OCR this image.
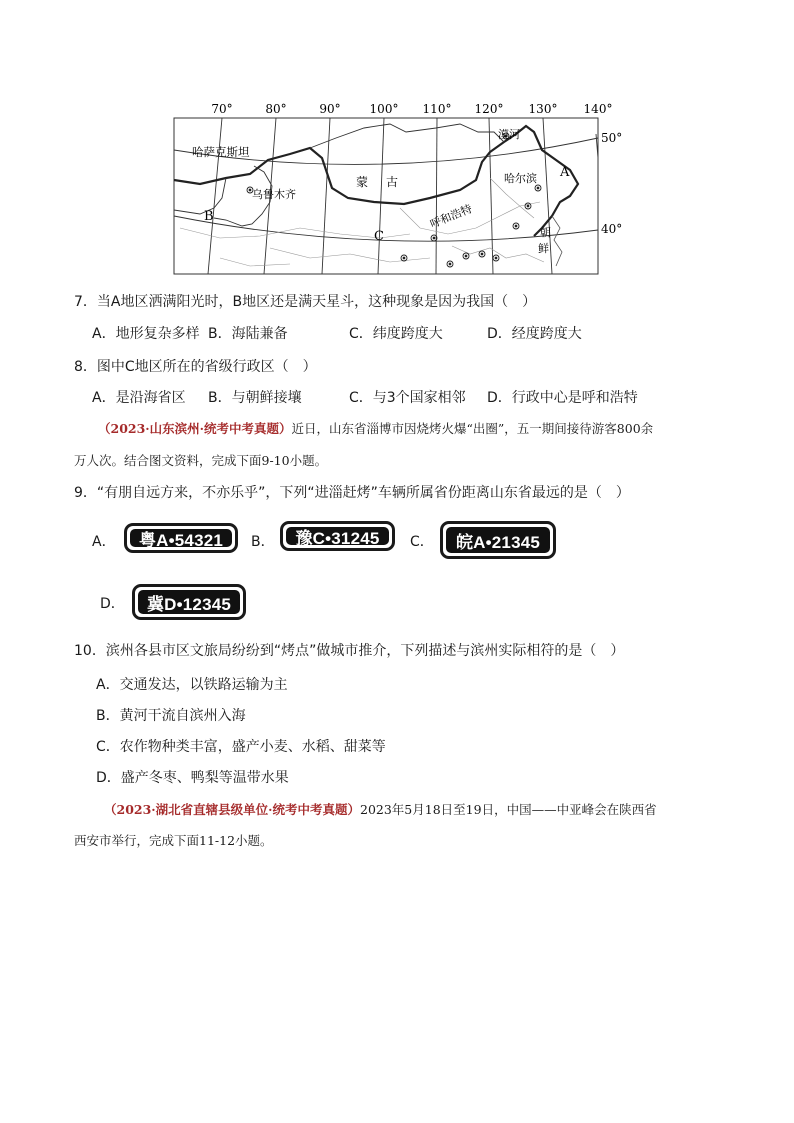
70°	80°	90° 100° 110° 120° 130° 140°
50°
40°
哈萨克斯坦
蒙 古
乌鲁木齐
呼和浩特
哈尔滨
漠河
朝
鲜
A
B
C
7．当A地区洒满阳光时，B地区还是满天星斗，这种现象是因为我国（　）
A．地形复杂多样 B．海陆兼备	C．纬度跨度大	D．经度跨度大
8．图中C地区所在的省级行政区（　）
A．是沿海省区 B．与朝鲜接壤	C．与3个国家相邻 D．行政中心是呼和浩特
（2023·山东滨州·统考中考真题）近日，山东省淄博市因烧烤火爆“出圈”，五一期间接待游客800余
万人次。结合图文资料，完成下面9-10小题。
9．“有朋自远方来，不亦乐乎”，下列“进淄赶烤”车辆所属省份距离山东省最远的是（　）
A．	粤A•54321	B．	豫C•31245	C．	皖A•21345
D．	冀D•12345
10．滨州各县市区文旅局纷纷到“烤点”做城市推介，下列描述与滨州实际相符的是（　）
A．交通发达，以铁路运输为主
B．黄河干流自滨州入海
C．农作物种类丰富，盛产小麦、水稻、甜菜等
D．盛产冬枣、鸭梨等温带水果
（2023·湖北省直辖县级单位·统考中考真题）2023年5月18日至19日，中国——中亚峰会在陕西省
西安市举行，完成下面11-12小题。
